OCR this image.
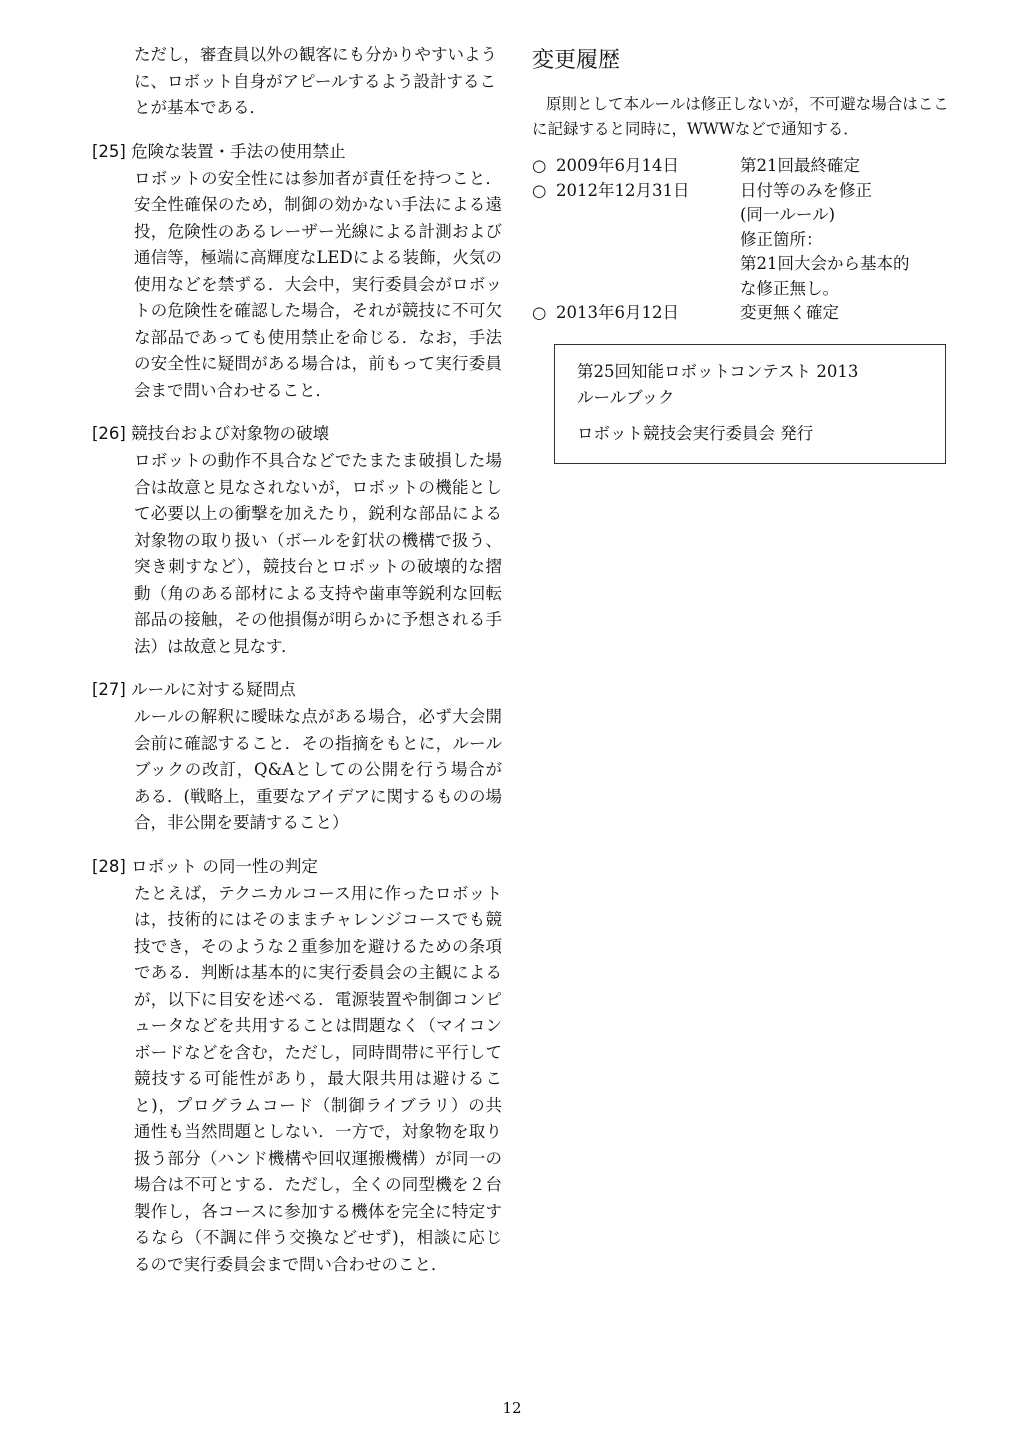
ただし，審査員以外の観客にも分かりやすいように、ロボット自身がアピールするよう設計することが基本である．

[25] 危険な装置・手法の使用禁止

ロボットの安全性には参加者が責任を持つこと．安全性確保のため，制御の効かない手法による遠投，危険性のあるレーザー光線による計測および通信等，極端に高輝度なLEDによる装飾，火気の使用などを禁ずる．大会中，実行委員会がロボットの危険性を確認した場合，それが競技に不可欠な部品であっても使用禁止を命じる．なお，手法の安全性に疑問がある場合は，前もって実行委員会まで問い合わせること．

[26] 競技台および対象物の破壊

ロボットの動作不具合などでたまたま破損した場合は故意と見なされないが，ロボットの機能として必要以上の衝撃を加えたり，鋭利な部品による対象物の取り扱い（ボールを釘状の機構で扱う、突き刺すなど），競技台とロボットの破壊的な摺動（角のある部材による支持や歯車等鋭利な回転部品の接触，その他損傷が明らかに予想される手法）は故意と見なす．

[27] ルールに対する疑問点

ルールの解釈に曖昧な点がある場合，必ず大会開会前に確認すること．その指摘をもとに，ルールブックの改訂，Q&Aとしての公開を行う場合がある．(戦略上，重要なアイデアに関するものの場合，非公開を要請すること）

[28] ロボット の同一性の判定

たとえば，テクニカルコース用に作ったロボットは，技術的にはそのままチャレンジコースでも競技でき，そのような２重参加を避けるための条項である．判断は基本的に実行委員会の主観によるが，以下に目安を述べる．電源装置や制御コンピュータなどを共用することは問題なく（マイコンボードなどを含む，ただし，同時間帯に平行して競技する可能性があり，最大限共用は避けること)，プログラムコード（制御ライブラリ）の共通性も当然問題としない．一方で，対象物を取り扱う部分（ハンド機構や回収運搬機構）が同一の場合は不可とする．ただし，全くの同型機を２台製作し，各コースに参加する機体を完全に特定するなら（不調に伴う交換などせず)，相談に応じるので実行委員会まで問い合わせのこと．

変更履歴

原則として本ルールは修正しないが，不可避な場合はここに記録すると同時に，WWWなどで通知する．

○ 2009年6月14日	第21回最終確定
○ 2012年12月31日	日付等のみを修正
(同一ルール)
修正箇所：
第21回大会から基本的
な修正無し。
○ 2013年6月12日	変更無く確定

第25回知能ロボットコンテスト 2013

ルールブック

ロボット競技会実行委員会 発行

12
